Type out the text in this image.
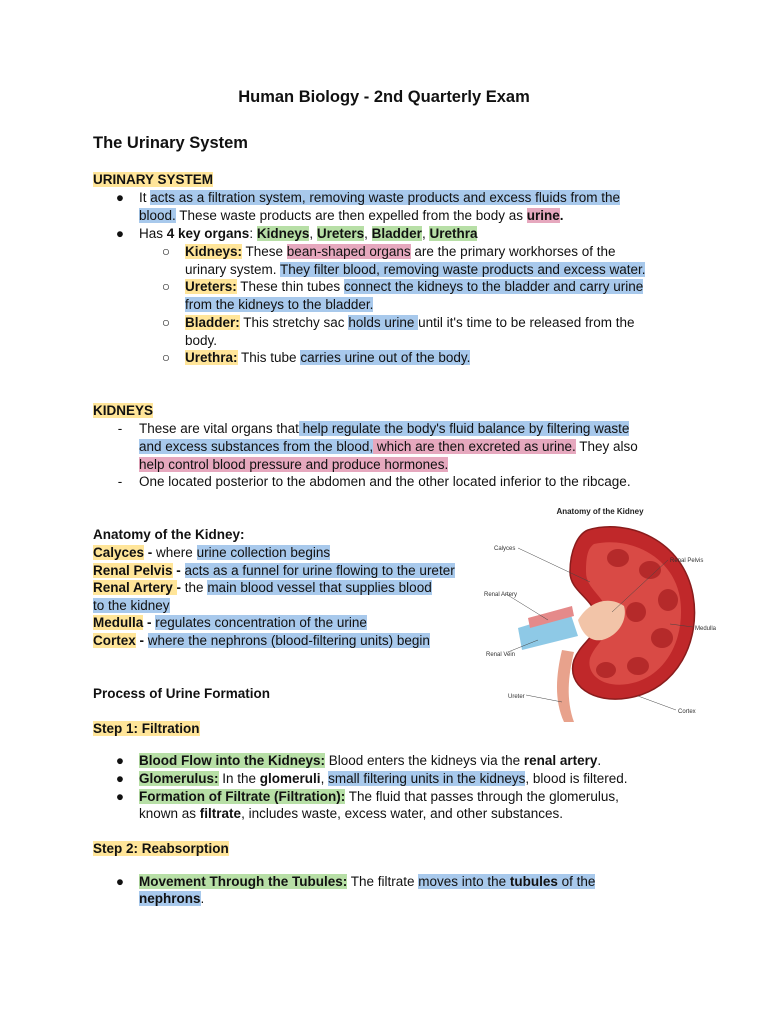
Human Biology - 2nd Quarterly Exam
The Urinary System
URINARY SYSTEM
● It acts as a filtration system, removing waste products and excess fluids from the
blood. These waste products are then expelled from the body as urine.
● Has 4 key organs: Kidneys, Ureters, Bladder, Urethra
○ Kidneys: These bean-shaped organs are the primary workhorses of the
urinary system. They filter blood, removing waste products and excess water.
○ Ureters: These thin tubes connect the kidneys to the bladder and carry urine
from the kidneys to the bladder.
○ Bladder: This stretchy sac holds urine until it's time to be released from the
body.
○ Urethra: This tube carries urine out of the body.
KIDNEYS
-	These are vital organs that help regulate the body's fluid balance by filtering waste
and excess substances from the blood, which are then excreted as urine. They also
help control blood pressure and produce hormones.
-	One located posterior to the abdomen and the other located inferior to the ribcage.
Anatomy of the Kidney:
Calyces - where urine collection begins
Renal Pelvis - acts as a funnel for urine flowing to the ureter
Renal Artery - the main blood vessel that supplies blood
to the kidney
Medulla - regulates concentration of the urine
Cortex - where the nephrons (blood-filtering units) begin
Anatomy of the Kidney
Calyces
Renal Pelvis
Renal Artery
Medulla
Renal Vein
Ureter
Cortex
Process of Urine Formation
Step 1: Filtration
● Blood Flow into the Kidneys: Blood enters the kidneys via the renal artery.
● Glomerulus: In the glomeruli, small filtering units in the kidneys, blood is filtered.
● Formation of Filtrate (Filtration): The fluid that passes through the glomerulus,
known as filtrate, includes waste, excess water, and other substances.
Step 2: Reabsorption
● Movement Through the Tubules: The filtrate moves into the tubules of the
nephrons.
